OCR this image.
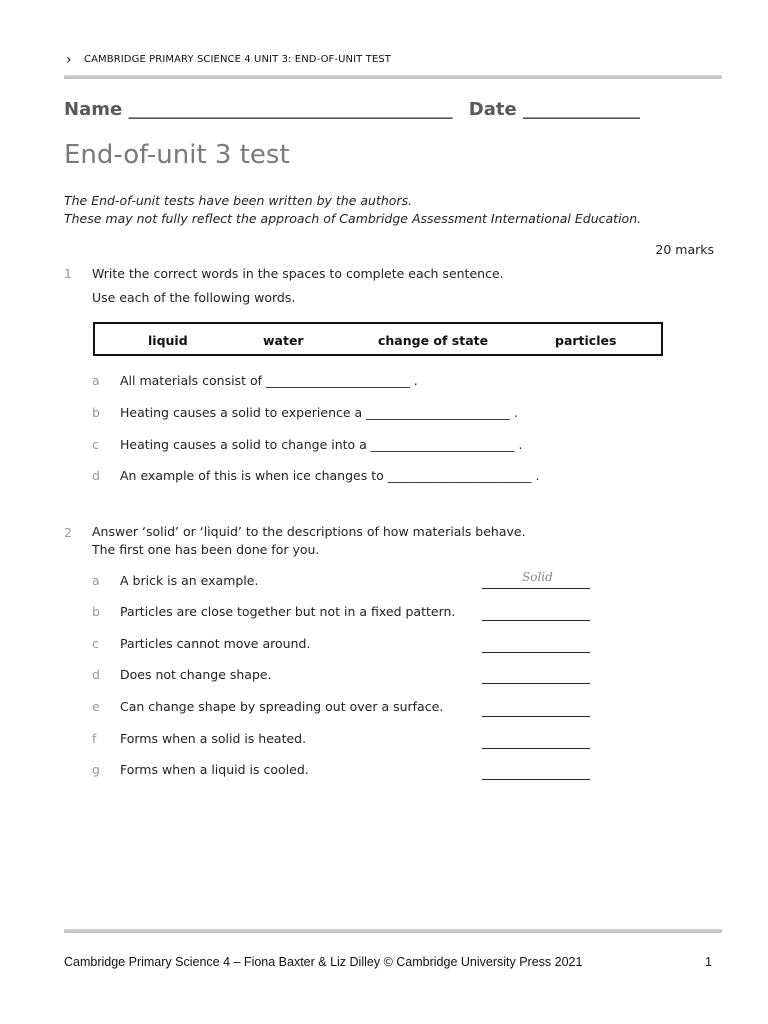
› CAMBRIDGE PRIMARY SCIENCE 4 UNIT 3: END-OF-UNIT TEST
Name ____________________________________ Date _____________
End-of-unit 3 test
The End-of-unit tests have been written by the authors.
These may not fully reflect the approach of Cambridge Assessment International Education.
20 marks
1 Write the correct words in the spaces to complete each sentence.
Use each of the following words.
liquid	water	change of state	particles
a All materials consist of _______________________ .
b Heating causes a solid to experience a _______________________ .
c Heating causes a solid to change into a _______________________ .
d An example of this is when ice changes to _______________________ .
2 Answer ‘solid’ or ‘liquid’ to the descriptions of how materials behave.
The first one has been done for you.
a A brick is an example.	Solid
b Particles are close together but not in a fixed pattern.
c Particles cannot move around.
d Does not change shape.
e Can change shape by spreading out over a surface.
f Forms when a solid is heated.
g Forms when a liquid is cooled.
Cambridge Primary Science 4 – Fiona Baxter & Liz Dilley © Cambridge University Press 2021	1
